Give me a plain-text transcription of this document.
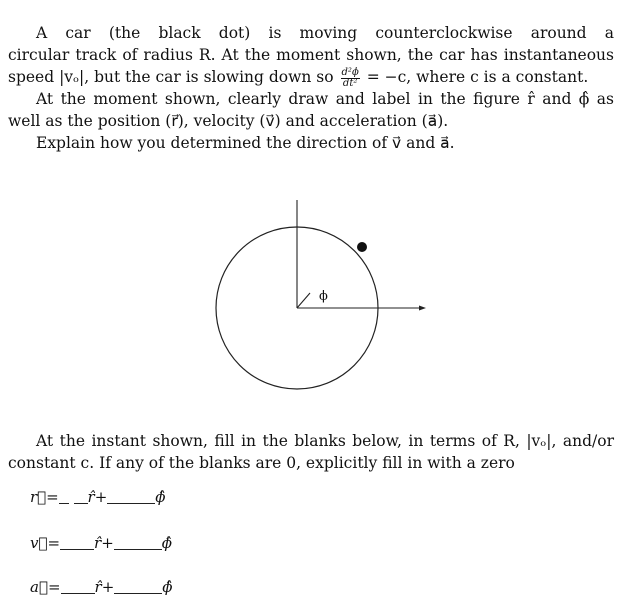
A car (the black dot) is moving counterclockwise around a

circular track of radius R. At the moment shown, the car has instantaneous

speed |vₒ|, but the car is slowing down so $\frac{\text{d²ϕ}}{\text{dt²}} = -c$, where c is a constant.

At the moment shown, clearly draw and label in the figure r̂ and ϕ̂ as

well as the position (r⃗), velocity (v⃗) and acceleration (a⃗).

Explain how you determined the direction of v⃗ and a⃗.

ϕ

At the instant shown, fill in the blanks below, in terms of R, |vₒ|, and/or

constant c. If any of the blanks are 0, explicitly fill in with a zero

r⃗= r̂+	ϕ̂
v⃗= r̂+	ϕ̂
a⃗= r̂+	ϕ̂
